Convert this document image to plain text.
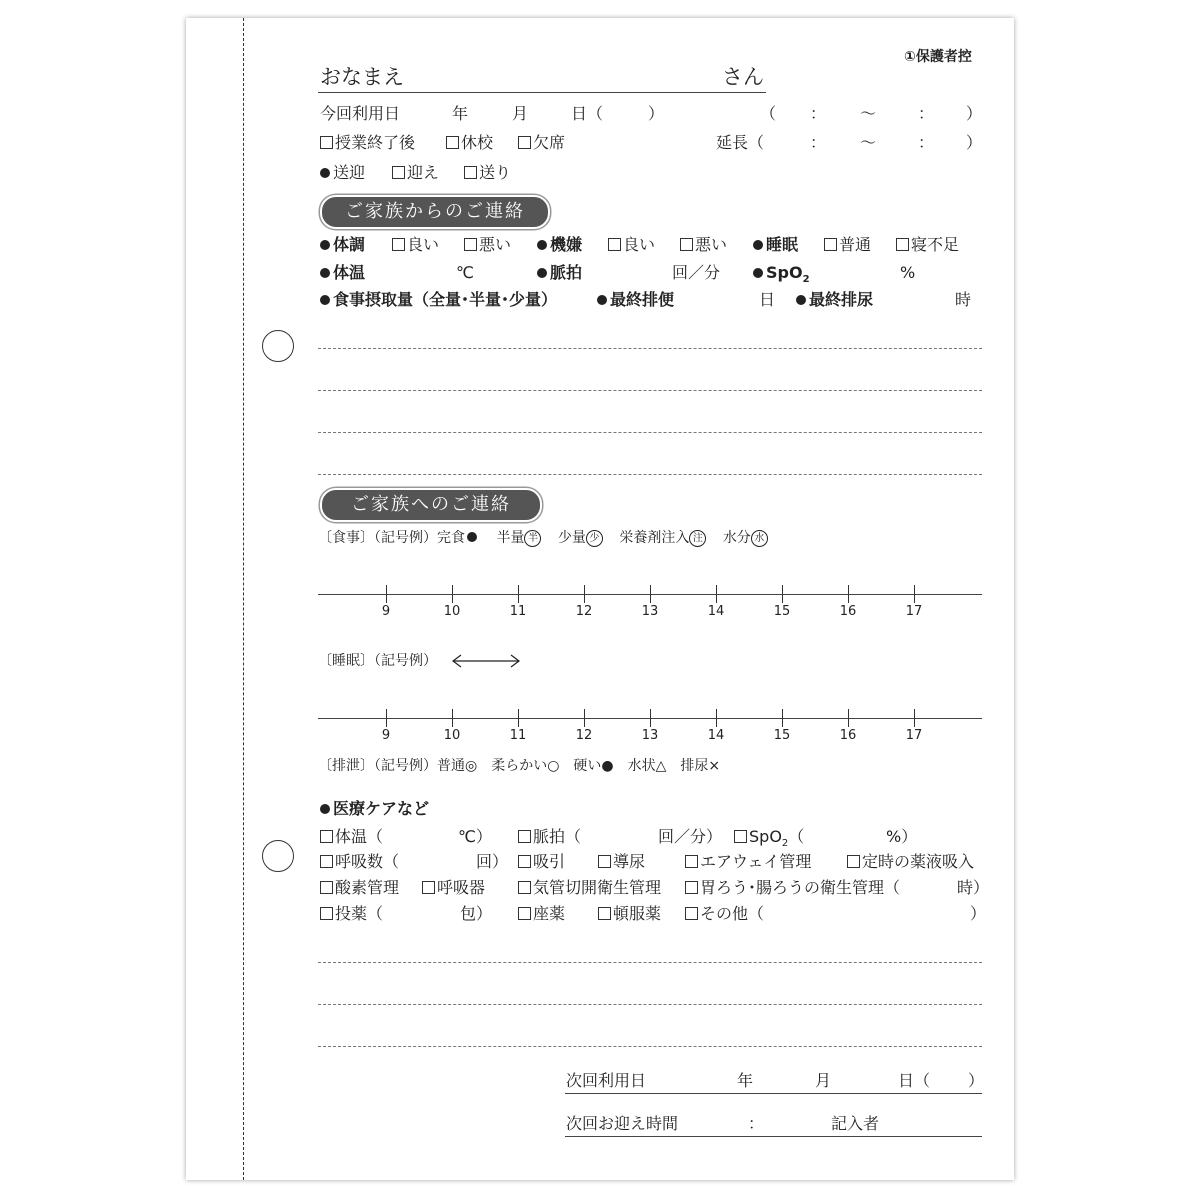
①保護者控
おなまえ	さん
今回利用日	年	月	日（	）	（ ： ～	： ）
授業終了後	休校	欠席	延長（	： ～	： ）
送迎	迎え	送り
ご家族からのご連絡
体調	良い	悪い	機嫌	良い	悪い	睡眠	普通	寝不足
体温	℃	脈拍	回／分	SpO$_2$	%
食事摂取量（全量･半量･少量）	最終排便	日	最終排尿	時
ご家族へのご連絡
〔食事〕（記号例）完食 半量 半 少量 少 栄養剤注入 注 水分 水
9	10	11	12	13	14	15	16	17
〔睡眠〕（記号例）
9	10	11	12	13	14	15	16	17
〔排泄〕（記号例）普通◎　柔らかい○　硬い●　水状△　排尿×
医療ケアなど
体温（	℃）	脈拍（	回／分）	SpO$_2$（	%）
呼吸数（	回）	吸引	導尿	エアウェイ管理	定時の薬液吸入
酸素管理	呼吸器	気管切開衛生管理	胃ろう･腸ろうの衛生管理（	時）
投薬（	包）	座薬	頓服薬	その他（	）
次回利用日	年	月	日（ ）
次回お迎え時間	：	記入者
